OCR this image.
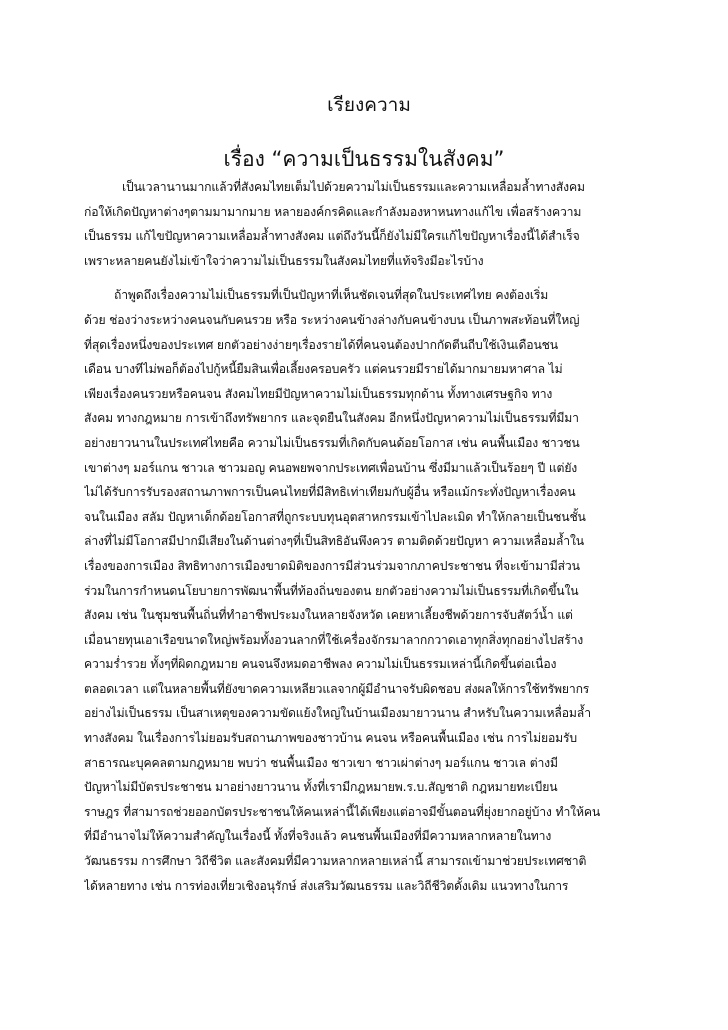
เรียงความ
เรื่อง “ความเป็นธรรมในสังคม”
เป็นเวลานานมากแล้วที่สังคมไทยเต็มไปด้วยความไม่เป็นธรรมและความเหลื่อมล้ำทางสังคม
ก่อให้เกิดปัญหาต่างๆตามมามากมาย หลายองค์กรคิดและกำลังมองหาหนทางแก้ไข เพื่อสร้างความ
เป็นธรรม แก้ไขปัญหาความเหลื่อมล้ำทางสังคม แต่ถึงวันนี้ก็ยังไม่มีใครแก้ไขปัญหาเรื่องนี้ได้สำเร็จ
เพราะหลายคนยังไม่เข้าใจว่าความไม่เป็นธรรมในสังคมไทยที่แท้จริงมีอะไรบ้าง
ถ้าพูดถึงเรื่องความไม่เป็นธรรมที่เป็นปัญหาที่เห็นชัดเจนที่สุดในประเทศไทย คงต้องเริ่ม
ด้วย ช่องว่างระหว่างคนจนกับคนรวย หรือ ระหว่างคนข้างล่างกับคนข้างบน เป็นภาพสะท้อนที่ใหญ่
ที่สุดเรื่องหนึ่งของประเทศ ยกตัวอย่างง่ายๆเรื่องรายได้ที่คนจนต้องปากกัดตีนถีบใช้เงินเดือนชน
เดือน บางทีไม่พอก็ต้องไปกู้หนี้ยืมสินเพื่อเลี้ยงครอบครัว แต่คนรวยมีรายได้มากมายมหาศาล ไม่
เพียงเรื่องคนรวยหรือคนจน สังคมไทยมีปัญหาความไม่เป็นธรรมทุกด้าน ทั้งทางเศรษฐกิจ ทาง
สังคม ทางกฎหมาย การเข้าถึงทรัพยากร และจุดยืนในสังคม อีกหนึ่งปัญหาความไม่เป็นธรรมที่มีมา
อย่างยาวนานในประเทศไทยคือ ความไม่เป็นธรรมที่เกิดกับคนด้อยโอกาส เช่น คนพื้นเมือง ชาวชน
เขาต่างๆ มอร์แกน ชาวเล ชาวมอญ คนอพยพจากประเทศเพื่อนบ้าน ซึ่งมีมาแล้วเป็นร้อยๆ ปี แต่ยัง
ไม่ได้รับการรับรองสถานภาพการเป็นคนไทยที่มีสิทธิเท่าเทียมกับผู้อื่น หรือแม้กระทั่งปัญหาเรื่องคน
จนในเมือง สลัม ปัญหาเด็กด้อยโอกาสที่ถูกระบบทุนอุตสาหกรรมเข้าไปละเมิด ทำให้กลายเป็นชนชั้น
ล่างที่ไม่มีโอกาสมีปากมีเสียงในด้านต่างๆที่เป็นสิทธิอันพึงควร ตามติดด้วยปัญหา ความเหลื่อมล้ำใน
เรื่องของการเมือง สิทธิทางการเมืองขาดมิติของการมีส่วนร่วมจากภาคประชาชน ที่จะเข้ามามีส่วน
ร่วมในการกำหนดนโยบายการพัฒนาพื้นที่ท้องถิ่นของตน ยกตัวอย่างความไม่เป็นธรรมที่เกิดขึ้นใน
สังคม เช่น ในชุมชนพื้นถิ่นที่ทำอาชีพประมงในหลายจังหวัด เคยหาเลี้ยงชีพด้วยการจับสัตว์น้ำ แต่
เมื่อนายทุนเอาเรือขนาดใหญ่พร้อมทั้งอวนลากที่ใช้เครื่องจักรมาลากกวาดเอาทุกสิ่งทุกอย่างไปสร้าง
ความร่ำรวย ทั้งๆที่ผิดกฎหมาย คนจนจึงหมดอาชีพลง ความไม่เป็นธรรมเหล่านี้เกิดขึ้นต่อเนื่อง
ตลอดเวลา แต่ในหลายพื้นที่ยังขาดความเหลียวแลจากผู้มีอำนาจรับผิดชอบ ส่งผลให้การใช้ทรัพยากร
อย่างไม่เป็นธรรม เป็นสาเหตุของความขัดแย้งใหญ่ในบ้านเมืองมายาวนาน สำหรับในความเหลื่อมล้ำ
ทางสังคม ในเรื่องการไม่ยอมรับสถานภาพของชาวบ้าน คนจน หรือคนพื้นเมือง เช่น การไม่ยอมรับ
สาธารณะบุคคลตามกฎหมาย พบว่า ชนพื้นเมือง ชาวเขา ชาวเผ่าต่างๆ มอร์แกน ชาวเล ต่างมี
ปัญหาไม่มีบัตรประชาชน มาอย่างยาวนาน ทั้งที่เรามีกฎหมายพ.ร.บ.สัญชาติ กฎหมายทะเบียน
ราษฎร ที่สามารถช่วยออกบัตรประชาชนให้คนเหล่านี้ได้เพียงแต่อาจมีขั้นตอนที่ยุ่งยากอยู่บ้าง ทำให้คน
ที่มีอำนาจไม่ให้ความสำคัญในเรื่องนี้ ทั้งที่จริงแล้ว คนชนพื้นเมืองที่มีความหลากหลายในทาง
วัฒนธรรม การศึกษา วิถีชีวิต และสังคมที่มีความหลากหลายเหล่านี้ สามารถเข้ามาช่วยประเทศชาติ
ได้หลายทาง เช่น การท่องเที่ยวเชิงอนุรักษ์ ส่งเสริมวัฒนธรรม และวิถีชีวิตดั้งเดิม แนวทางในการ
